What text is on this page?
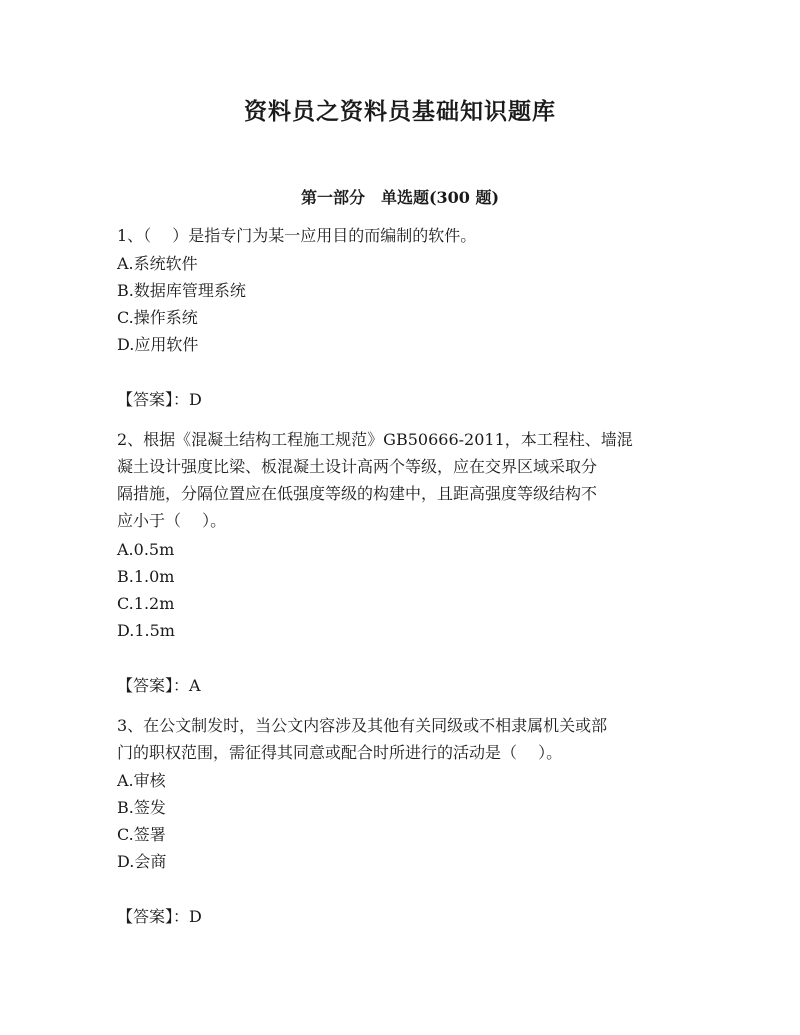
资料员之资料员基础知识题库
第一部分　单选题(300 题)
1、（　 ）是指专门为某一应用目的而编制的软件。
A.系统软件
B.数据库管理系统
C.操作系统
D.应用软件
【答案】：D
2、根据《混凝土结构工程施工规范》GB50666-2011，本工程柱、墙混
凝土设计强度比梁、板混凝土设计高两个等级，应在交界区域采取分
隔措施，分隔位置应在低强度等级的构建中，且距高强度等级结构不
应小于（　 ）。
A.0.5m
B.1.0m
C.1.2m
D.1.5m
【答案】：A
3、在公文制发时，当公文内容涉及其他有关同级或不相隶属机关或部
门的职权范围，需征得其同意或配合时所进行的活动是（　 ）。
A.审核
B.签发
C.签署
D.会商
【答案】：D
